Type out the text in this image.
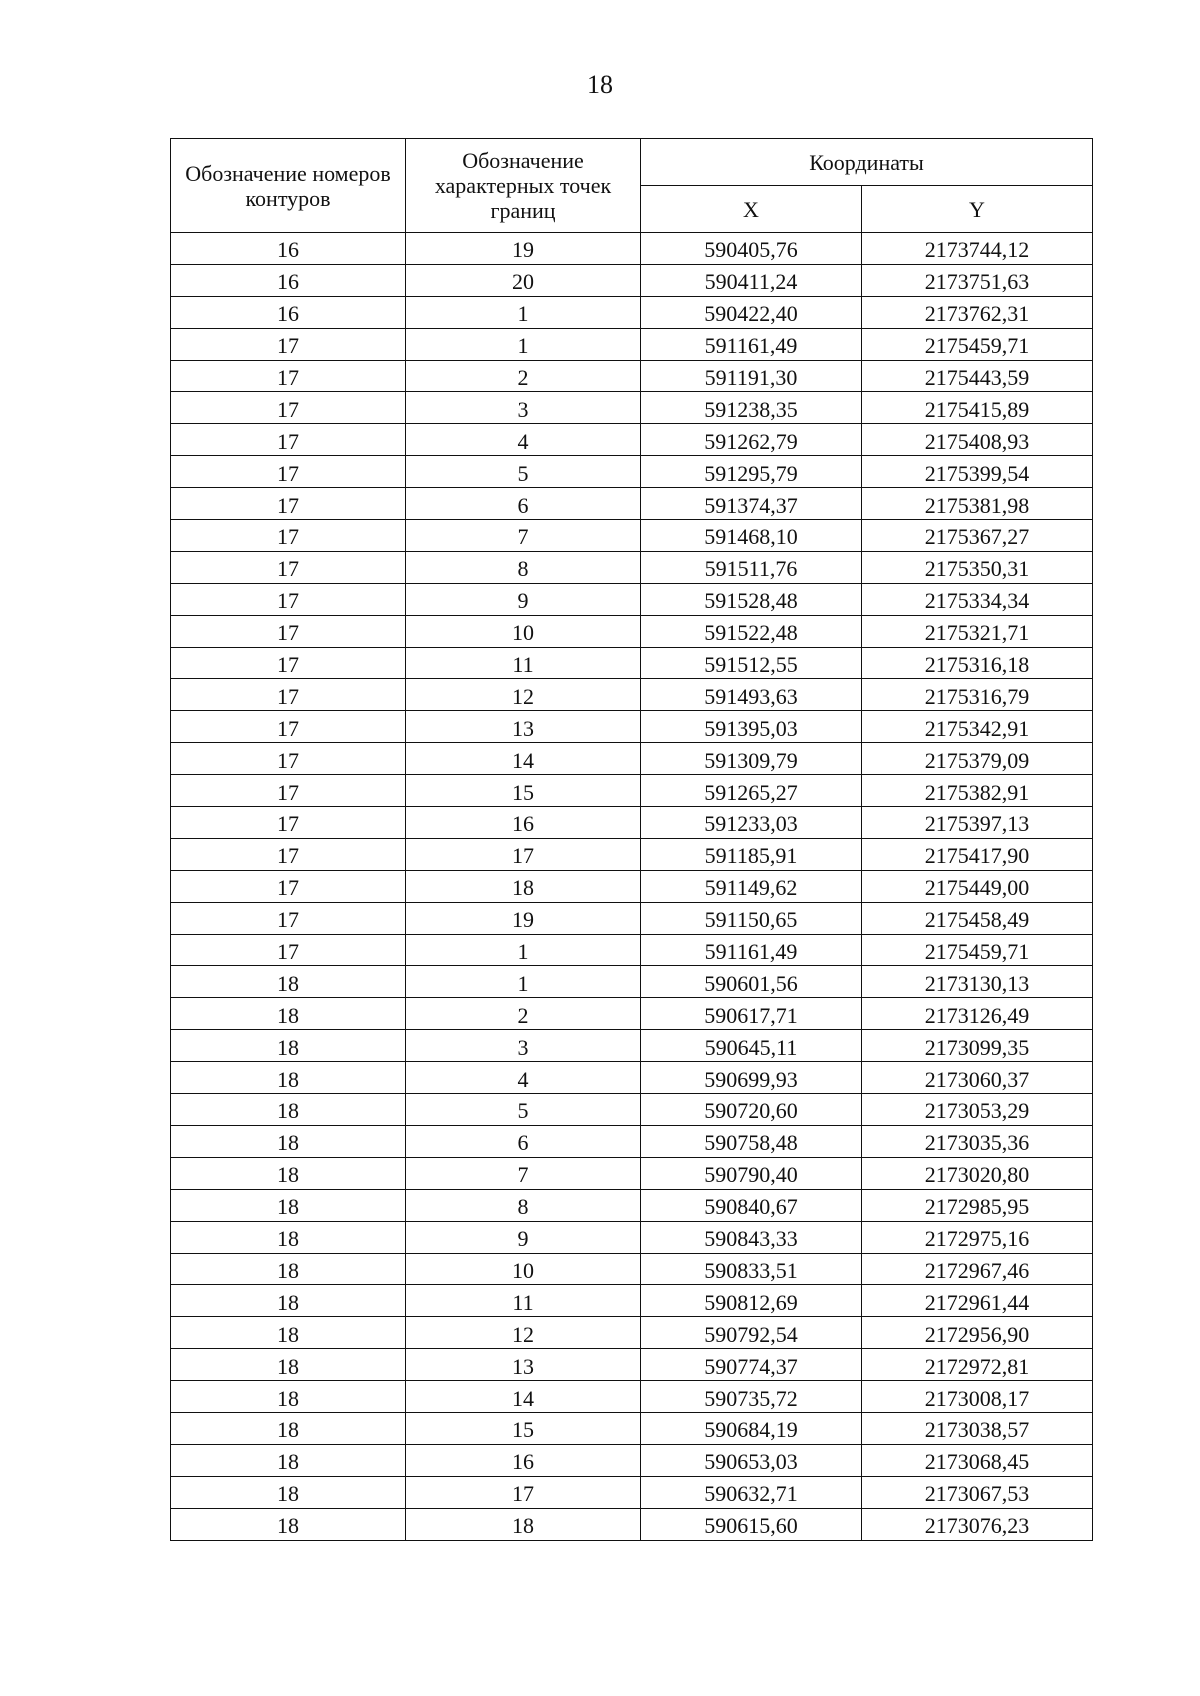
18
Обозначение номеров контуров	Обозначение характерных точек границ	Координаты	
		X	Y
16	19	590405,76	2173744,12
16	20	590411,24	2173751,63
16	1	590422,40	2173762,31
17	1	591161,49	2175459,71
17	2	591191,30	2175443,59
17	3	591238,35	2175415,89
17	4	591262,79	2175408,93
17	5	591295,79	2175399,54
17	6	591374,37	2175381,98
17	7	591468,10	2175367,27
17	8	591511,76	2175350,31
17	9	591528,48	2175334,34
17	10	591522,48	2175321,71
17	11	591512,55	2175316,18
17	12	591493,63	2175316,79
17	13	591395,03	2175342,91
17	14	591309,79	2175379,09
17	15	591265,27	2175382,91
17	16	591233,03	2175397,13
17	17	591185,91	2175417,90
17	18	591149,62	2175449,00
17	19	591150,65	2175458,49
17	1	591161,49	2175459,71
18	1	590601,56	2173130,13
18	2	590617,71	2173126,49
18	3	590645,11	2173099,35
18	4	590699,93	2173060,37
18	5	590720,60	2173053,29
18	6	590758,48	2173035,36
18	7	590790,40	2173020,80
18	8	590840,67	2172985,95
18	9	590843,33	2172975,16
18	10	590833,51	2172967,46
18	11	590812,69	2172961,44
18	12	590792,54	2172956,90
18	13	590774,37	2172972,81
18	14	590735,72	2173008,17
18	15	590684,19	2173038,57
18	16	590653,03	2173068,45
18	17	590632,71	2173067,53
18	18	590615,60	2173076,23
